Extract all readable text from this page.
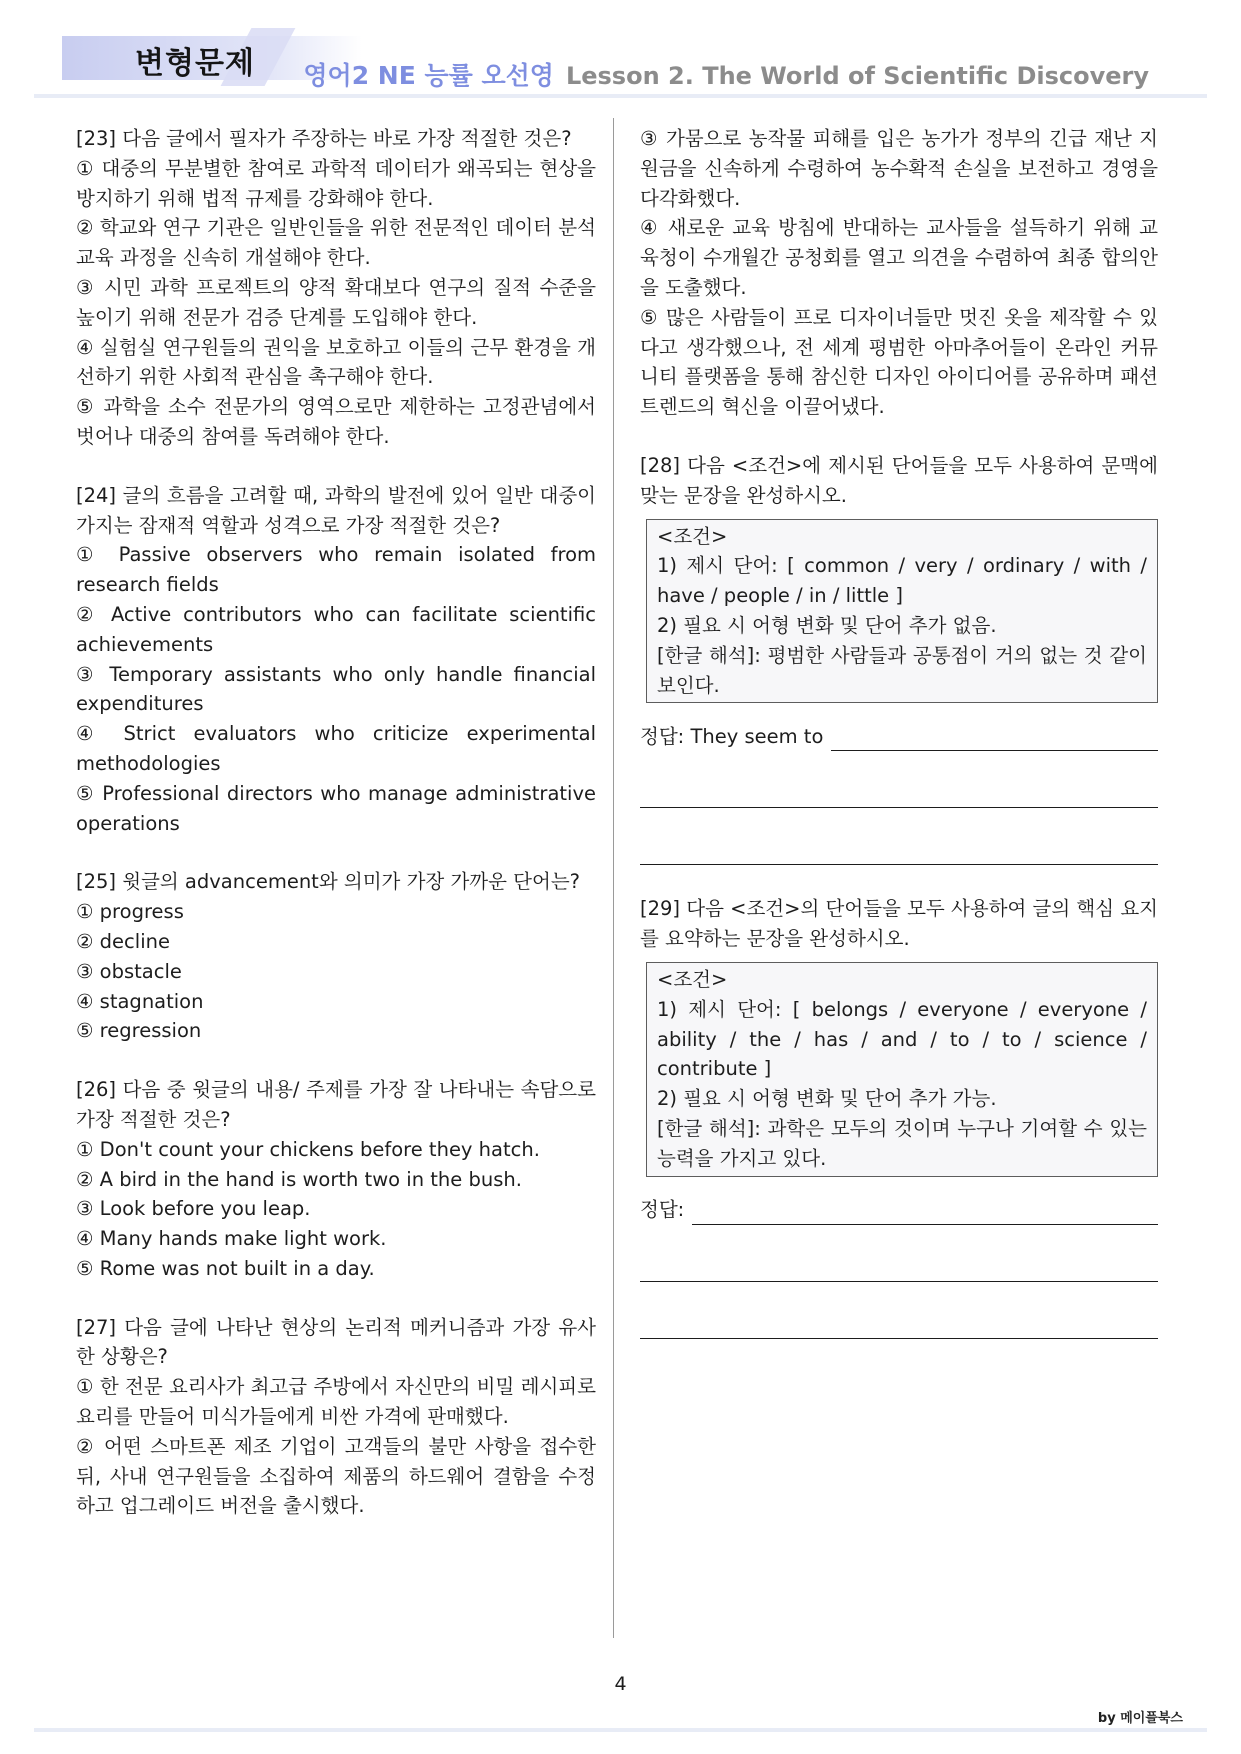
변형문제 영어2 NE 능률 오선영 Lesson 2. The World of Scientific Discovery

[23] 다음 글에서 필자가 주장하는 바로 가장 적절한 것은?

① 대중의 무분별한 참여로 과학적 데이터가 왜곡되는 현상을 방지하기 위해 법적 규제를 강화해야 한다.

② 학교와 연구 기관은 일반인들을 위한 전문적인 데이터 분석 교육 과정을 신속히 개설해야 한다.

③ 시민 과학 프로젝트의 양적 확대보다 연구의 질적 수준을 높이기 위해 전문가 검증 단계를 도입해야 한다.

④ 실험실 연구원들의 권익을 보호하고 이들의 근무 환경을 개선하기 위한 사회적 관심을 촉구해야 한다.

⑤ 과학을 소수 전문가의 영역으로만 제한하는 고정관념에서 벗어나 대중의 참여를 독려해야 한다.

[24] 글의 흐름을 고려할 때, 과학의 발전에 있어 일반 대중이 가지는 잠재적 역할과 성격으로 가장 적절한 것은?

① Passive observers who remain isolated from research fields

② Active contributors who can facilitate scientific achievements

③ Temporary assistants who only handle financial expenditures

④ Strict evaluators who criticize experimental methodologies

⑤ Professional directors who manage administrative operations

[25] 윗글의 advancement와 의미가 가장 가까운 단어는?

① progress

② decline

③ obstacle

④ stagnation

⑤ regression

[26] 다음 중 윗글의 내용/ 주제를 가장 잘 나타내는 속담으로 가장 적절한 것은?

① Don't count your chickens before they hatch.

② A bird in the hand is worth two in the bush.

③ Look before you leap.

④ Many hands make light work.

⑤ Rome was not built in a day.

[27] 다음 글에 나타난 현상의 논리적 메커니즘과 가장 유사한 상황은?

① 한 전문 요리사가 최고급 주방에서 자신만의 비밀 레시피로 요리를 만들어 미식가들에게 비싼 가격에 판매했다.

② 어떤 스마트폰 제조 기업이 고객들의 불만 사항을 접수한 뒤, 사내 연구원들을 소집하여 제품의 하드웨어 결함을 수정하고 업그레이드 버전을 출시했다.

③ 가뭄으로 농작물 피해를 입은 농가가 정부의 긴급 재난 지원금을 신속하게 수령하여 농수확적 손실을 보전하고 경영을 다각화했다.

④ 새로운 교육 방침에 반대하는 교사들을 설득하기 위해 교육청이 수개월간 공청회를 열고 의견을 수렴하여 최종 합의안을 도출했다.

⑤ 많은 사람들이 프로 디자이너들만 멋진 옷을 제작할 수 있다고 생각했으나, 전 세계 평범한 아마추어들이 온라인 커뮤니티 플랫폼을 통해 참신한 디자인 아이디어를 공유하며 패션 트렌드의 혁신을 이끌어냈다.

[28] 다음 <조건>에 제시된 단어들을 모두 사용하여 문맥에 맞는 문장을 완성하시오.

<조건>

1) 제시 단어: [ common / very / ordinary / with / have / people / in / little ]

2) 필요 시 어형 변화 및 단어 추가 없음.

[한글 해석]: 평범한 사람들과 공통점이 거의 없는 것 같이 보인다.

정답: They seem to

[29] 다음 <조건>의 단어들을 모두 사용하여 글의 핵심 요지를 요약하는 문장을 완성하시오.

<조건>

1) 제시 단어: [ belongs / everyone / everyone / ability / the / has / and / to / to / science / contribute ]

2) 필요 시 어형 변화 및 단어 추가 가능.

[한글 해석]: 과학은 모두의 것이며 누구나 기여할 수 있는 능력을 가지고 있다.

정답:
4
by 메이플북스
